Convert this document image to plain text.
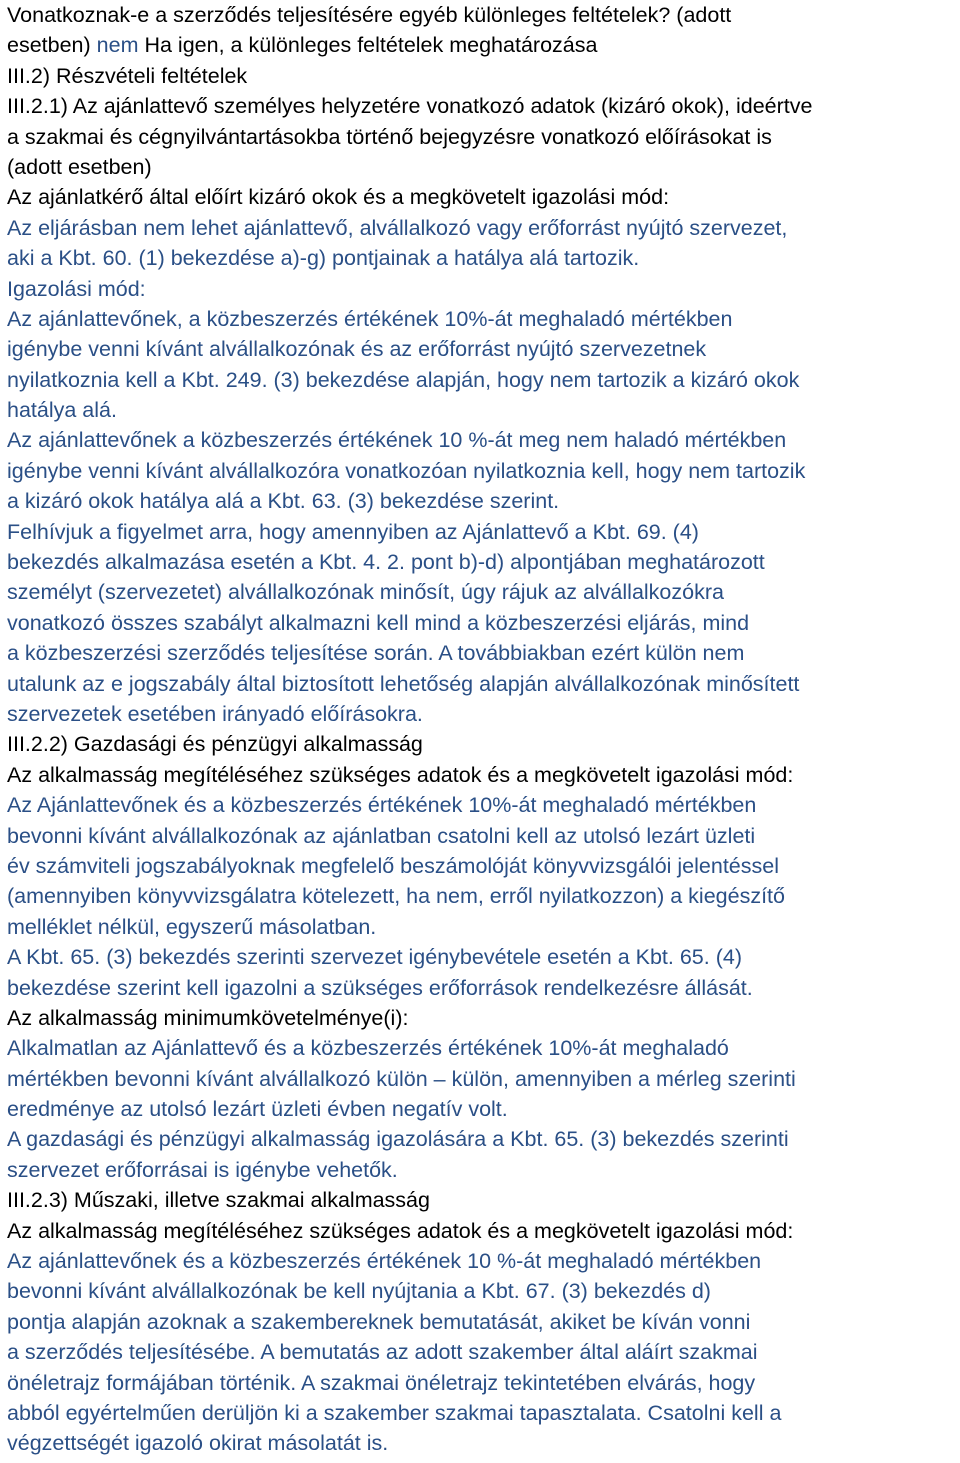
Vonatkoznak-e a szerződés teljesítésére egyéb különleges feltételek? (adott
esetben) nem Ha igen, a különleges feltételek meghatározása
III.2) Részvételi feltételek
III.2.1) Az ajánlattevő személyes helyzetére vonatkozó adatok (kizáró okok), ideértve
a szakmai és cégnyilvántartásokba történő bejegyzésre vonatkozó előírásokat is
(adott esetben)
Az ajánlatkérő által előírt kizáró okok és a megkövetelt igazolási mód:
Az eljárásban nem lehet ajánlattevő, alvállalkozó vagy erőforrást nyújtó szervezet,
aki a Kbt. 60. (1) bekezdése a)-g) pontjainak a hatálya alá tartozik.
Igazolási mód:
Az ajánlattevőnek, a közbeszerzés értékének 10%-át meghaladó mértékben
igénybe venni kívánt alvállalkozónak és az erőforrást nyújtó szervezetnek
nyilatkoznia kell a Kbt. 249. (3) bekezdése alapján, hogy nem tartozik a kizáró okok
hatálya alá.
Az ajánlattevőnek a közbeszerzés értékének 10 %-át meg nem haladó mértékben
igénybe venni kívánt alvállalkozóra vonatkozóan nyilatkoznia kell, hogy nem tartozik
a kizáró okok hatálya alá a Kbt. 63. (3) bekezdése szerint.
Felhívjuk a figyelmet arra, hogy amennyiben az Ajánlattevő a Kbt. 69. (4)
bekezdés alkalmazása esetén a Kbt. 4. 2. pont b)-d) alpontjában meghatározott
személyt (szervezetet) alvállalkozónak minősít, úgy rájuk az alvállalkozókra
vonatkozó összes szabályt alkalmazni kell mind a közbeszerzési eljárás, mind
a közbeszerzési szerződés teljesítése során. A továbbiakban ezért külön nem
utalunk az e jogszabály által biztosított lehetőség alapján alvállalkozónak minősített
szervezetek esetében irányadó előírásokra.
III.2.2) Gazdasági és pénzügyi alkalmasság
Az alkalmasság megítéléséhez szükséges adatok és a megkövetelt igazolási mód:
Az Ajánlattevőnek és a közbeszerzés értékének 10%-át meghaladó mértékben
bevonni kívánt alvállalkozónak az ajánlatban csatolni kell az utolsó lezárt üzleti
év számviteli jogszabályoknak megfelelő beszámolóját könyvvizsgálói jelentéssel
(amennyiben könyvvizsgálatra kötelezett, ha nem, erről nyilatkozzon) a kiegészítő
melléklet nélkül, egyszerű másolatban.
A Kbt. 65. (3) bekezdés szerinti szervezet igénybevétele esetén a Kbt. 65. (4)
bekezdése szerint kell igazolni a szükséges erőforrások rendelkezésre állását.
Az alkalmasság minimumkövetelménye(i):
Alkalmatlan az Ajánlattevő és a közbeszerzés értékének 10%-át meghaladó
mértékben bevonni kívánt alvállalkozó külön – külön, amennyiben a mérleg szerinti
eredménye az utolsó lezárt üzleti évben negatív volt.
A gazdasági és pénzügyi alkalmasság igazolására a Kbt. 65. (3) bekezdés szerinti
szervezet erőforrásai is igénybe vehetők.
III.2.3) Műszaki, illetve szakmai alkalmasság
Az alkalmasság megítéléséhez szükséges adatok és a megkövetelt igazolási mód:
Az ajánlattevőnek és a közbeszerzés értékének 10 %-át meghaladó mértékben
bevonni kívánt alvállalkozónak be kell nyújtania a Kbt. 67. (3) bekezdés d)
pontja alapján azoknak a szakembereknek bemutatását, akiket be kíván vonni
a szerződés teljesítésébe. A bemutatás az adott szakember által aláírt szakmai
önéletrajz formájában történik. A szakmai önéletrajz tekintetében elvárás, hogy
abból egyértelműen derüljön ki a szakember szakmai tapasztalata. Csatolni kell a
végzettségét igazoló okirat másolatát is.
